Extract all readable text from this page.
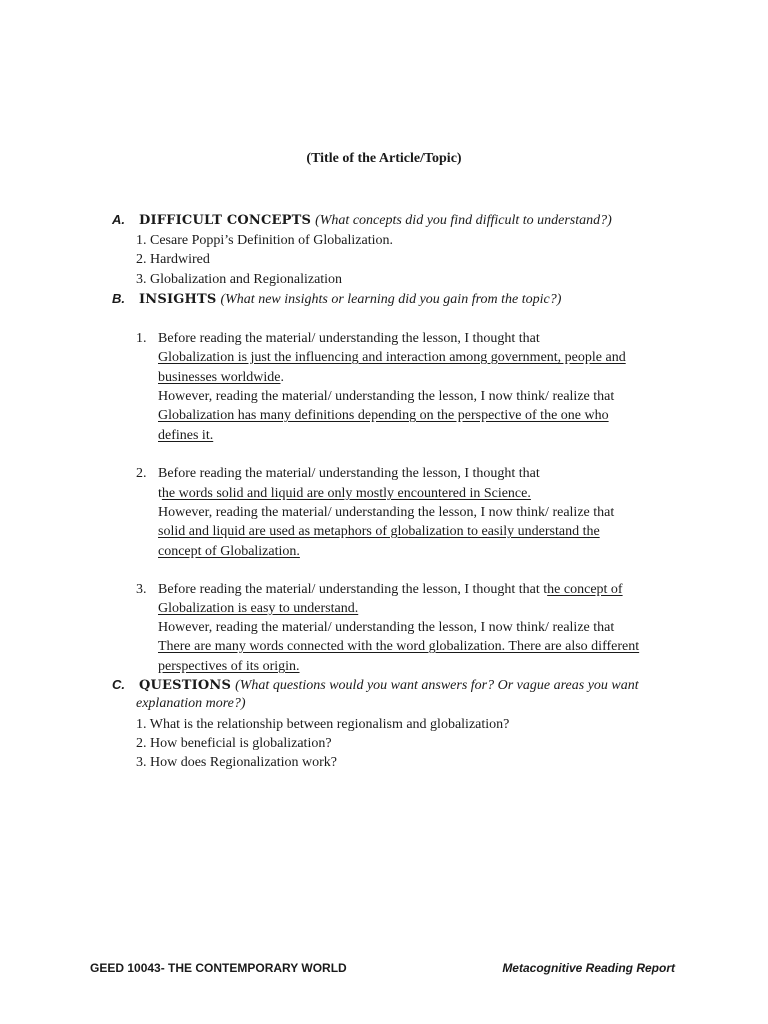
(Title of the Article/Topic)
A. DIFFICULT CONCEPTS (What concepts did you find difficult to understand?)
1. Cesare Poppi’s Definition of Globalization.
2. Hardwired
3. Globalization and Regionalization
B. INSIGHTS (What new insights or learning did you gain from the topic?)
1. Before reading the material/ understanding the lesson, I thought that
Globalization is just the influencing and interaction among government, people and
businesses worldwide.
However, reading the material/ understanding the lesson, I now think/ realize that
Globalization has many definitions depending on the perspective of the one who
defines it.
2. Before reading the material/ understanding the lesson, I thought that
the words solid and liquid are only mostly encountered in Science.
However, reading the material/ understanding the lesson, I now think/ realize that
solid and liquid are used as metaphors of globalization to easily understand the
concept of Globalization.
3. Before reading the material/ understanding the lesson, I thought that the concept of
Globalization is easy to understand.
However, reading the material/ understanding the lesson, I now think/ realize that
There are many words connected with the word globalization. There are also different
perspectives of its origin.
C. QUESTIONS (What questions would you want answers for? Or vague areas you want
explanation more?)
1. What is the relationship between regionalism and globalization?
2. How beneficial is globalization?
3. How does Regionalization work?
GEED 10043- THE CONTEMPORARY WORLD	Metacognitive Reading Report
